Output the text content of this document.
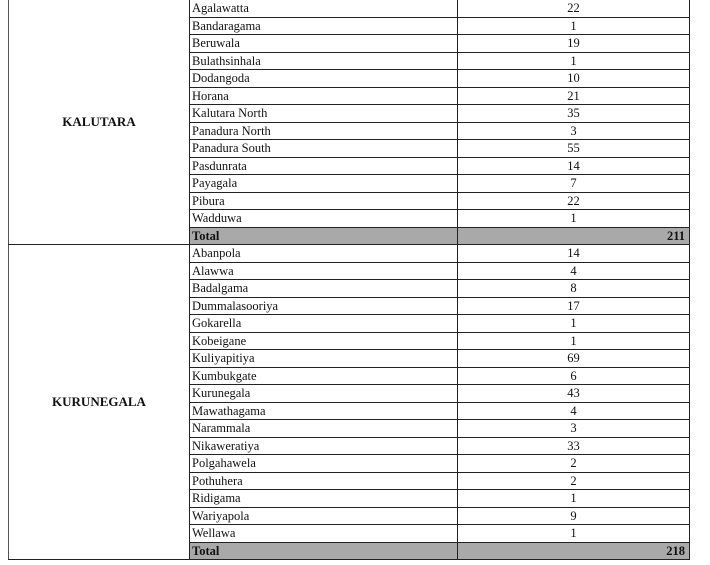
KALUTARA	Agalawatta	22
	Bandaragama	1
	Beruwala	19
	Bulathsinhala	1
	Dodangoda	10
	Horana	21
	Kalutara North	35
	Panadura North	3
	Panadura South	55
	Pasdunrata	14
	Payagala	7
	Pibura	22
	Wadduwa	1
	Total	211
KURUNEGALA	Abanpola	14
	Alawwa	4
	Badalgama	8
	Dummalasooriya	17
	Gokarella	1
	Kobeigane	1
	Kuliyapitiya	69
	Kumbukgate	6
	Kurunegala	43
	Mawathagama	4
	Narammala	3
	Nikaweratiya	33
	Polgahawela	2
	Pothuhera	2
	Ridigama	1
	Wariyapola	9
	Wellawa	1
	Total	218
